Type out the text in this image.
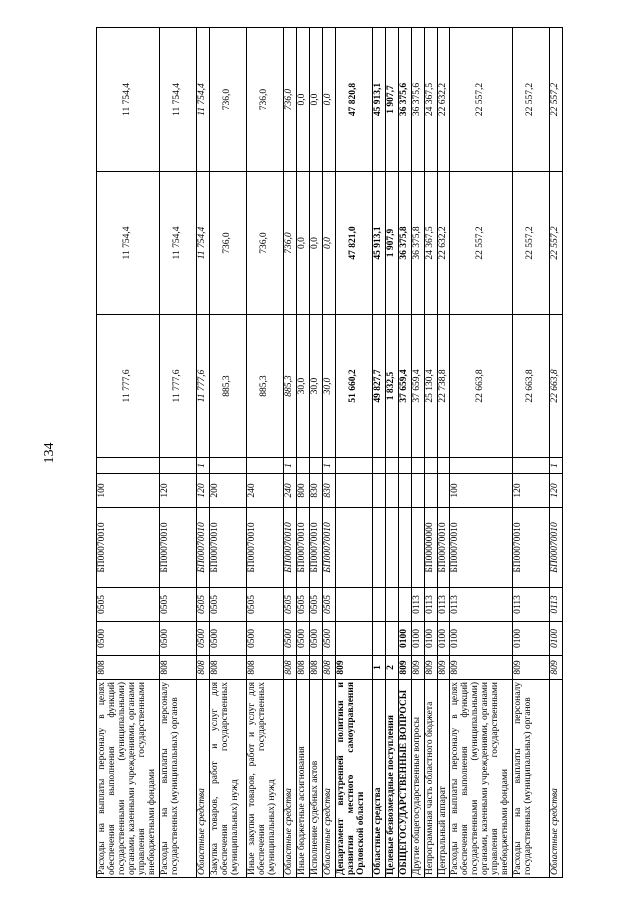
134
Расходы на выплаты персоналу в целях обеспечения выполнения функций государственными (муниципальными) органами, казенными учреждениями, органами управления государственными внебюджетными фондами	808	0500	0505	БП00070010	100		11 777,6	11 754,4	11 754,4
Расходы на выплаты персоналу государственных (муниципальных) органов	808	0500	0505	БП00070010	120		11 777,6	11 754,4	11 754,4
Областные средства	808	0500	0505	БП00070010	120	1	11 777,6	11 754,4	11 754,4
Закупка товаров, работ и услуг для обеспечения государственных (муниципальных) нужд	808	0500	0505	БП00070010	200		885,3	736,0	736,0
Иные закупки товаров, работ и услуг для обеспечения государственных (муниципальных) нужд	808	0500	0505	БП00070010	240		885,3	736,0	736,0
Областные средства	808	0500	0505	БП00070010	240	1	885,3	736,0	736,0
Иные бюджетные ассигнования	808	0500	0505	БП00070010	800		30,0	0,0	0,0
Исполнение судебных актов	808	0500	0505	БП00070010	830		30,0	0,0	0,0
Областные средства	808	0500	0505	БП00070010	830	1	30,0	0,0	0,0
Департамент внутренней политики и развития местного самоуправления Орловской области	809						51 660,2	47 821,0	47 820,8
Областные средства	1						49 827,7	45 913,1	45 913,1
Целевые безвозмездные поступления	2						1 832,5	1 907,9	1 907,7
ОБЩЕГОСУДАРСТВЕННЫЕ ВОПРОСЫ	809	0100					37 659,4	36 375,8	36 375,6
Другие общегосударственные вопросы	809	0100	0113				37 659,4	36 375,8	36 375,6
Непрограммная часть областного бюджета	809	0100	0113	БП00000000			25 130,4	24 367,5	24 367,5
Центральный аппарат	809	0100	0113	БП00070010			22 738,8	22 632,2	22 632,2
Расходы на выплаты персоналу в целях обеспечения выполнения функций государственными (муниципальными) органами, казенными учреждениями, органами управления государственными внебюджетными фондами	809	0100	0113	БП00070010	100		22 663,8	22 557,2	22 557,2
Расходы на выплаты персоналу государственных (муниципальных) органов	809	0100	0113	БП00070010	120		22 663,8	22 557,2	22 557,2
Областные средства	809	0100	0113	БП00070010	120	1	22 663,8	22 557,2	22 557,2
